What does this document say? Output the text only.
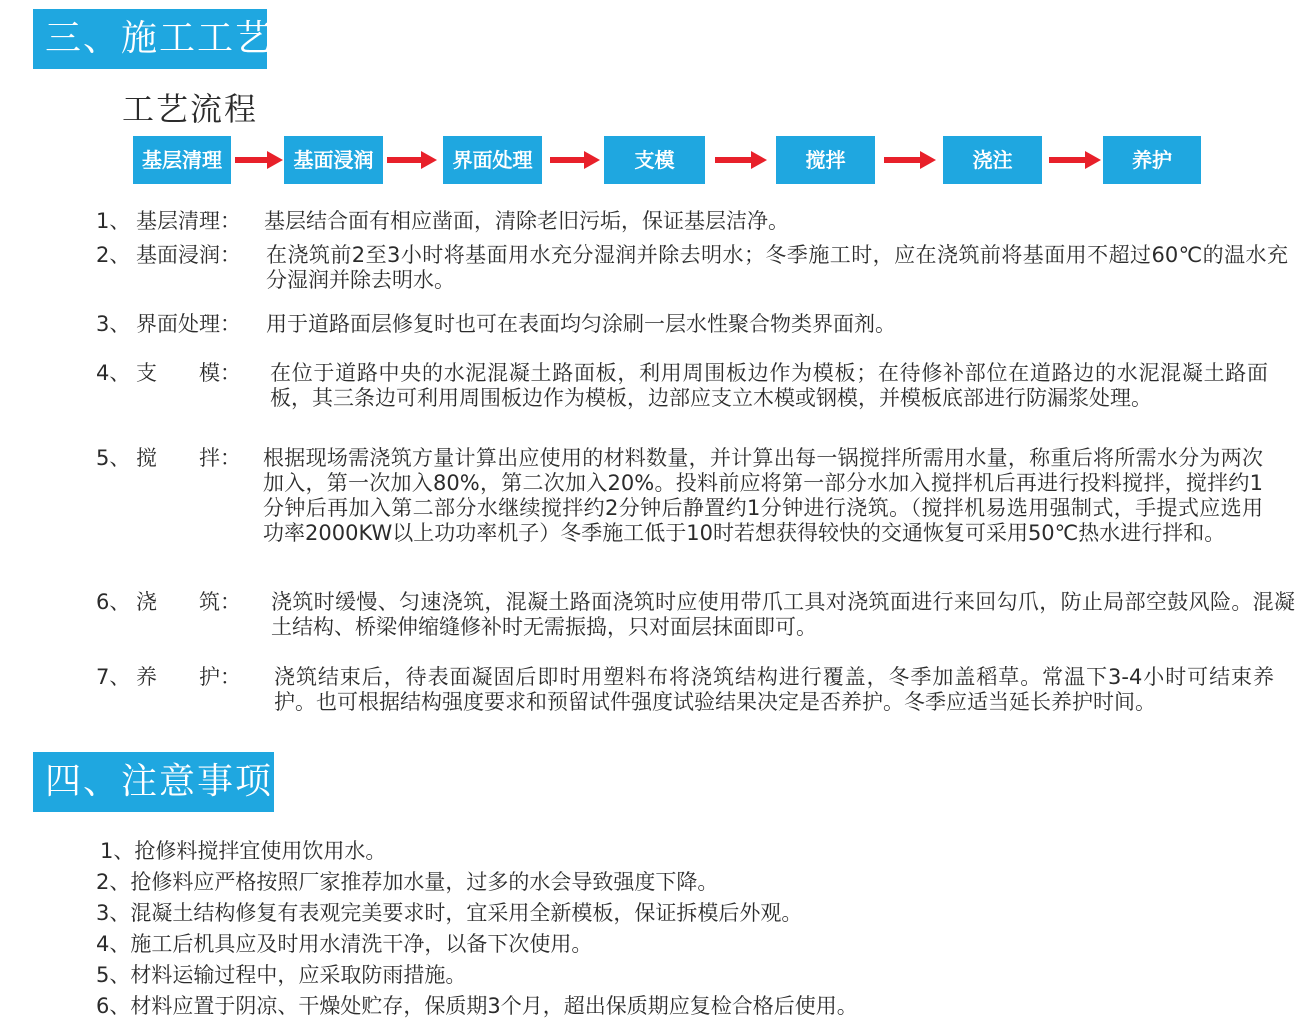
三、施工工艺
工艺流程
基层清理	基面浸润	界面处理	支模	搅拌	浇注	养护
1、 基层清理： 基层结合面有相应凿面，清除老旧污垢，保证基层洁净。
2、 基面浸润： 在浇筑前2至3小时将基面用水充分湿润并除去明水；冬季施工时，应在浇筑前将基面用不超过60℃的温水充分湿润并除去明水。
3、 界面处理： 用于道路面层修复时也可在表面均匀涂刷一层水性聚合物类界面剂。
4、 支　　模： 在位于道路中央的水泥混凝土路面板，利用周围板边作为模板；在待修补部位在道路边的水泥混凝土路面板，其三条边可利用周围板边作为模板，边部应支立木模或钢模，并模板底部进行防漏浆处理。
5、 搅　　拌： 根据现场需浇筑方量计算出应使用的材料数量，并计算出每一锅搅拌所需用水量，称重后将所需水分为两次加入，第一次加入80%，第二次加入20%。投料前应将第一部分水加入搅拌机后再进行投料搅拌，搅拌约1分钟后再加入第二部分水继续搅拌约2分钟后静置约1分钟进行浇筑。（搅拌机易选用强制式，手提式应选用功率2000KW以上功功率机子）冬季施工低于10时若想获得较快的交通恢复可采用50℃热水进行拌和。
6、 浇　　筑： 浇筑时缓慢、匀速浇筑，混凝土路面浇筑时应使用带爪工具对浇筑面进行来回勾爪，防止局部空鼓风险。混凝土结构、桥梁伸缩缝修补时无需振捣，只对面层抹面即可。
7、 养　　护： 浇筑结束后，待表面凝固后即时用塑料布将浇筑结构进行覆盖，冬季加盖稻草。常温下3-4小时可结束养护。也可根据结构强度要求和预留试件强度试验结果决定是否养护。冬季应适当延长养护时间。
四、注意事项
1、抢修料搅拌宜使用饮用水。
2、抢修料应严格按照厂家推荐加水量，过多的水会导致强度下降。
3、混凝土结构修复有表观完美要求时，宜采用全新模板，保证拆模后外观。
4、施工后机具应及时用水清洗干净，以备下次使用。
5、材料运输过程中，应采取防雨措施。
6、材料应置于阴凉、干燥处贮存，保质期3个月，超出保质期应复检合格后使用。
